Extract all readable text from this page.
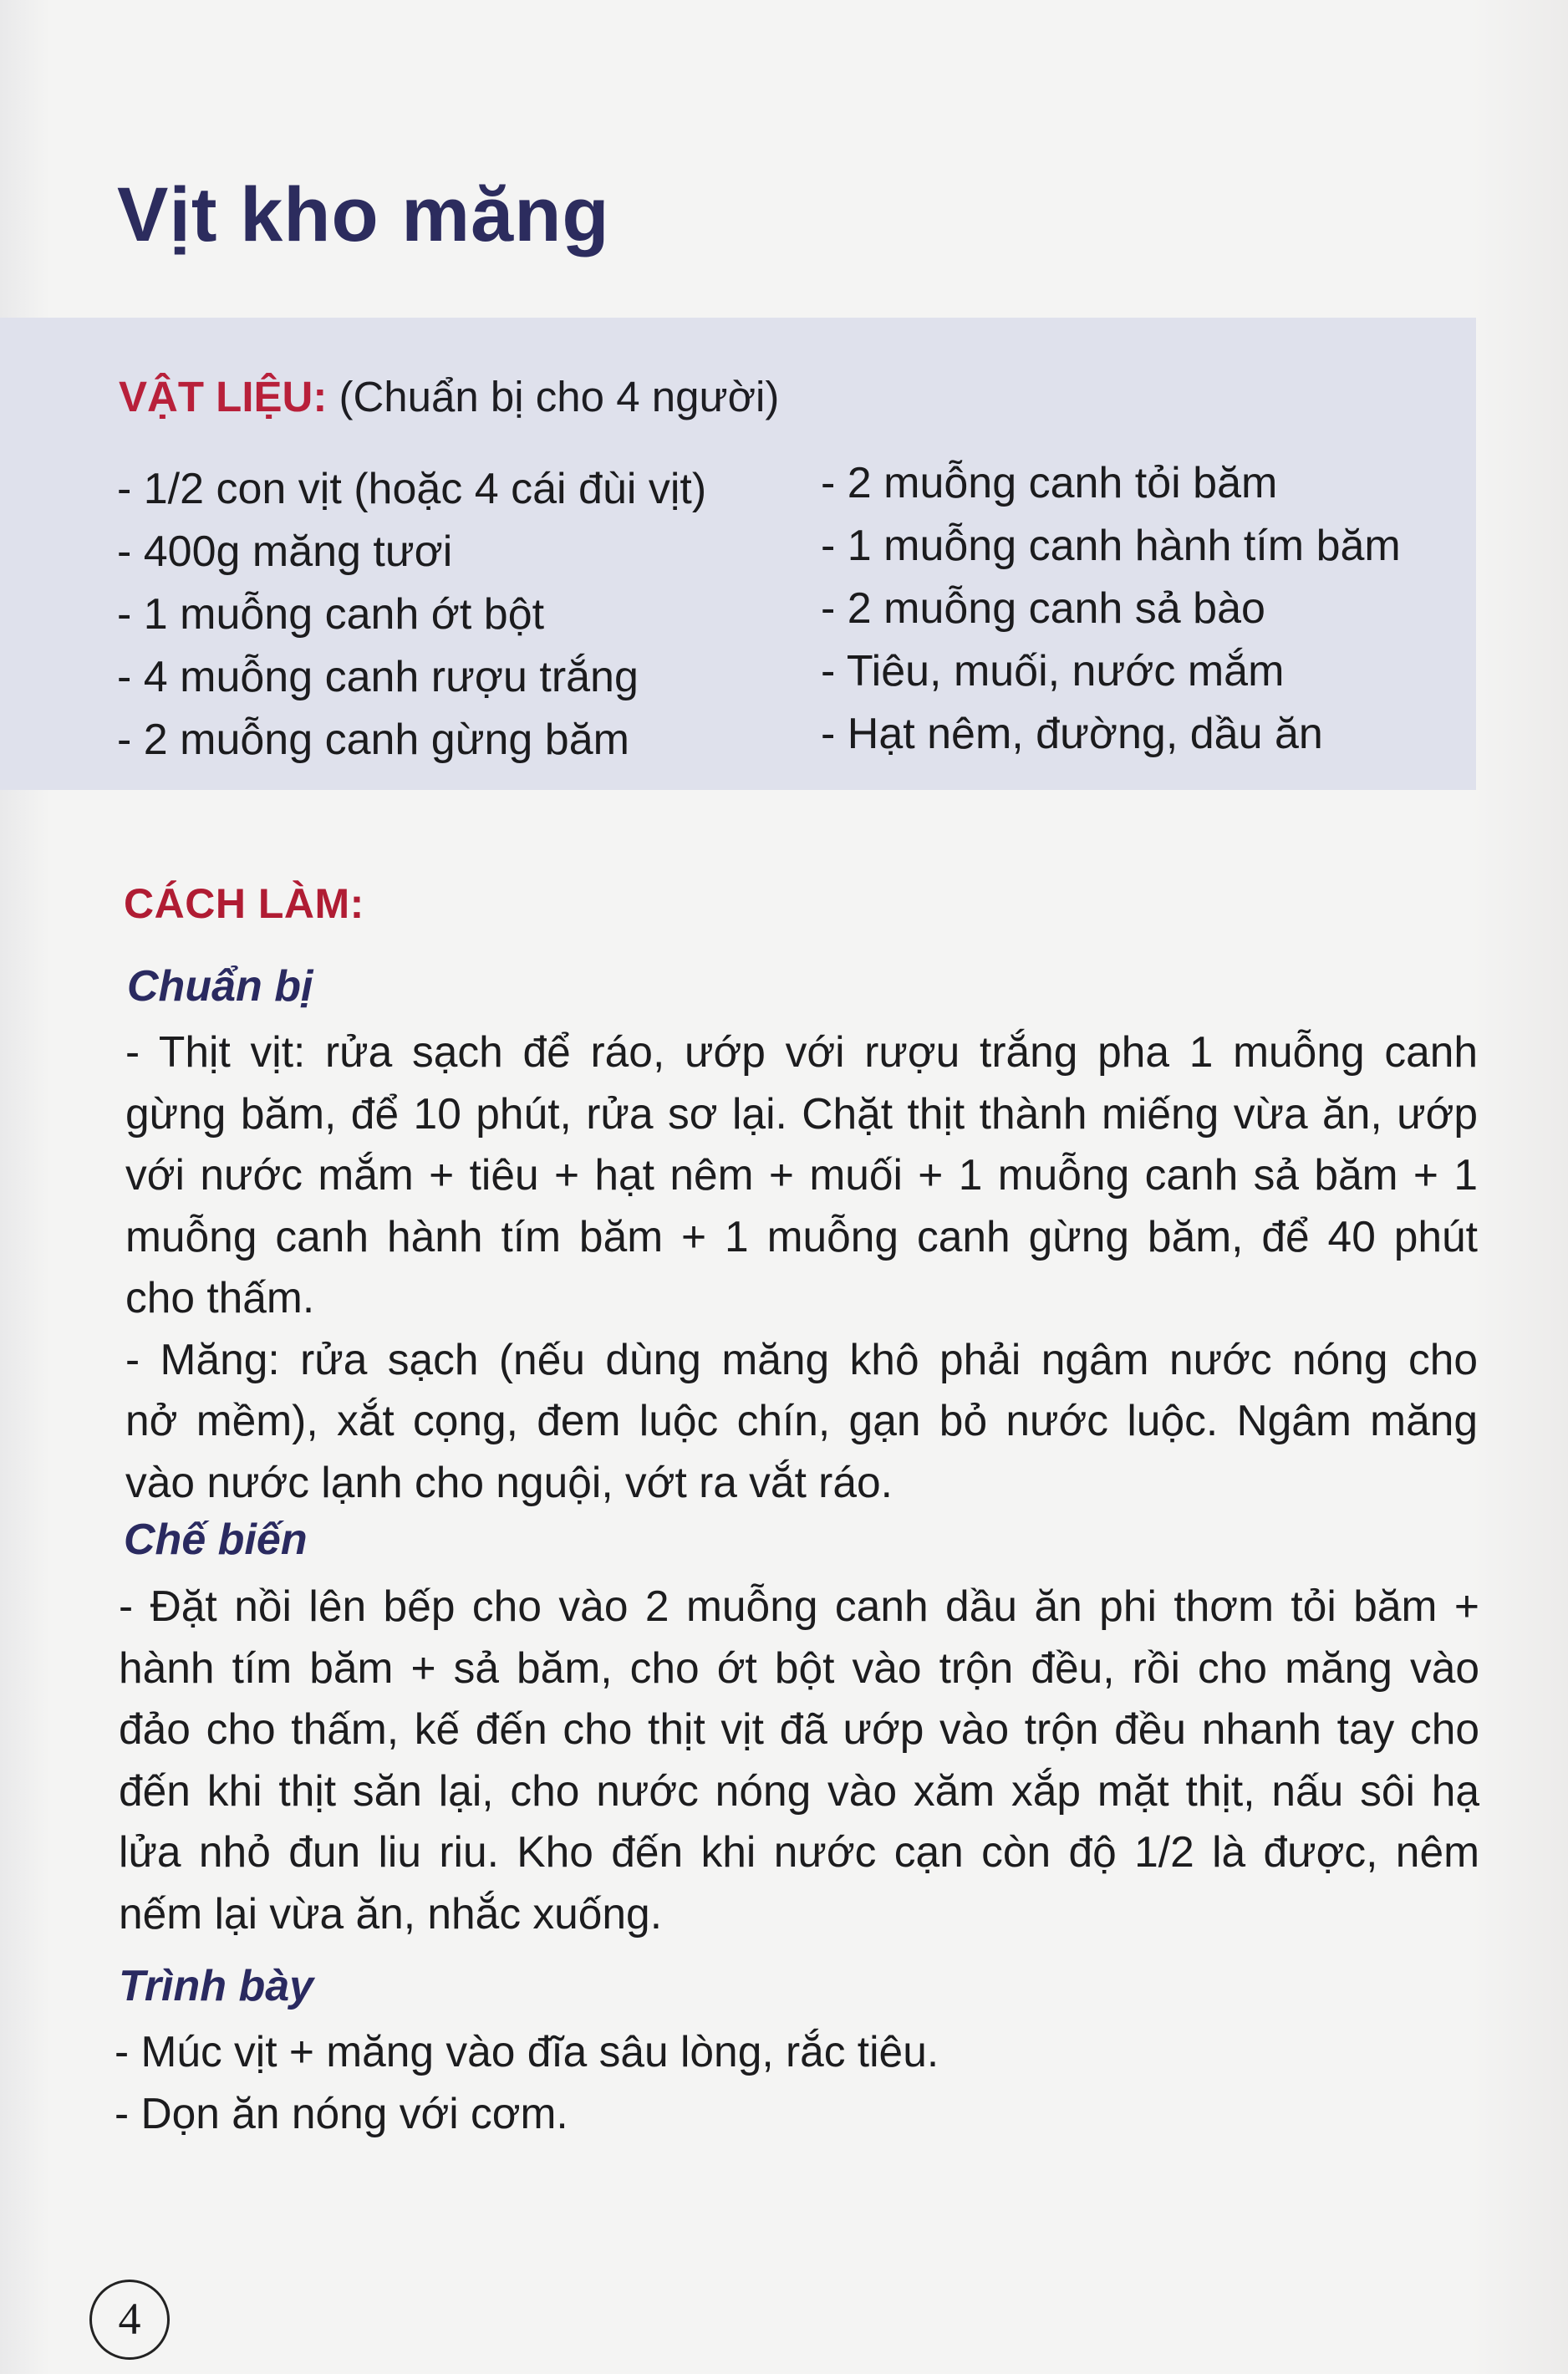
Vịt kho măng
VẬT LIỆU: (Chuẩn bị cho 4 người)
- 1/2 con vịt (hoặc 4 cái đùi vịt)
- 400g măng tươi
- 1 muỗng canh ớt bột
- 4 muỗng canh rượu trắng
- 2 muỗng canh gừng băm
- 2 muỗng canh tỏi băm
- 1 muỗng canh hành tím băm
- 2 muỗng canh sả bào
- Tiêu, muối, nước mắm
- Hạt nêm, đường, dầu ăn
CÁCH LÀM:
Chuẩn bị
- Thịt vịt: rửa sạch để ráo, ướp với rượu trắng pha 1 muỗng canh
gừng băm, để 10 phút, rửa sơ lại. Chặt thịt thành miếng vừa ăn, ướp
với nước mắm + tiêu + hạt nêm + muối + 1 muỗng canh sả băm + 1
muỗng canh hành tím băm + 1 muỗng canh gừng băm, để 40 phút
cho thấm.
- Măng: rửa sạch (nếu dùng măng khô phải ngâm nước nóng cho
nở mềm), xắt cọng, đem luộc chín, gạn bỏ nước luộc. Ngâm măng
vào nước lạnh cho nguội, vớt ra vắt ráo.
Chế biến
- Đặt nồi lên bếp cho vào 2 muỗng canh dầu ăn phi thơm tỏi băm +
hành tím băm + sả băm, cho ớt bột vào trộn đều, rồi cho măng vào
đảo cho thấm, kế đến cho thịt vịt đã ướp vào trộn đều nhanh tay cho
đến khi thịt săn lại, cho nước nóng vào xăm xắp mặt thịt, nấu sôi hạ
lửa nhỏ đun liu riu. Kho đến khi nước cạn còn độ 1/2 là được, nêm
nếm lại vừa ăn, nhắc xuống.
Trình bày
- Múc vịt + măng vào đĩa sâu lòng, rắc tiêu.
- Dọn ăn nóng với cơm.
4
